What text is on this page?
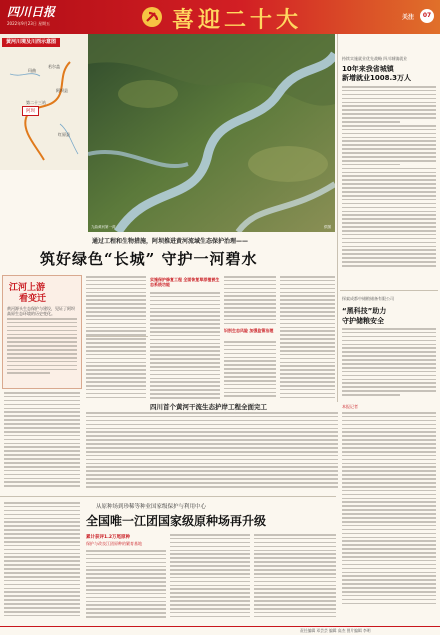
四川日报
2022年9月23日 星期五	喜迎二十大	关注	07
黄河川境及川西示意图
若尔盖
阿坝县
第二十三站
阿坝
红原县
玛曲
九曲黄河第一湾	供图
持续实施就业优先战略 四川城镇就业
10年来我省城镇
新增就业1008.3万人
探索成都中储粮储备有限公司
“黑科技”助力
守护储粮安全
通过工程和生物措施，阿坝推进黄河流域生态保护治理——
筑好绿色“长城” 守护一河碧水
江河上游
看变迁
黄河源头生态保护与建设，见证了阿坝高原生态环境的历史变化。
实施保护修复工程 全面恢复草原植被生态系统功能
识别生态风险 加强监管治理
四川首个黄河干流生态护岸工程全面完工	本报记者
从原种场到珍稀等种业国家级保护与利用中心
全国唯一江团国家级原种场再升级
累计获评1.2万尾原种
保护与改良江团原种的繁育基地
责任编辑 邓芸芸 编辑 高杰 图片编辑 李明
